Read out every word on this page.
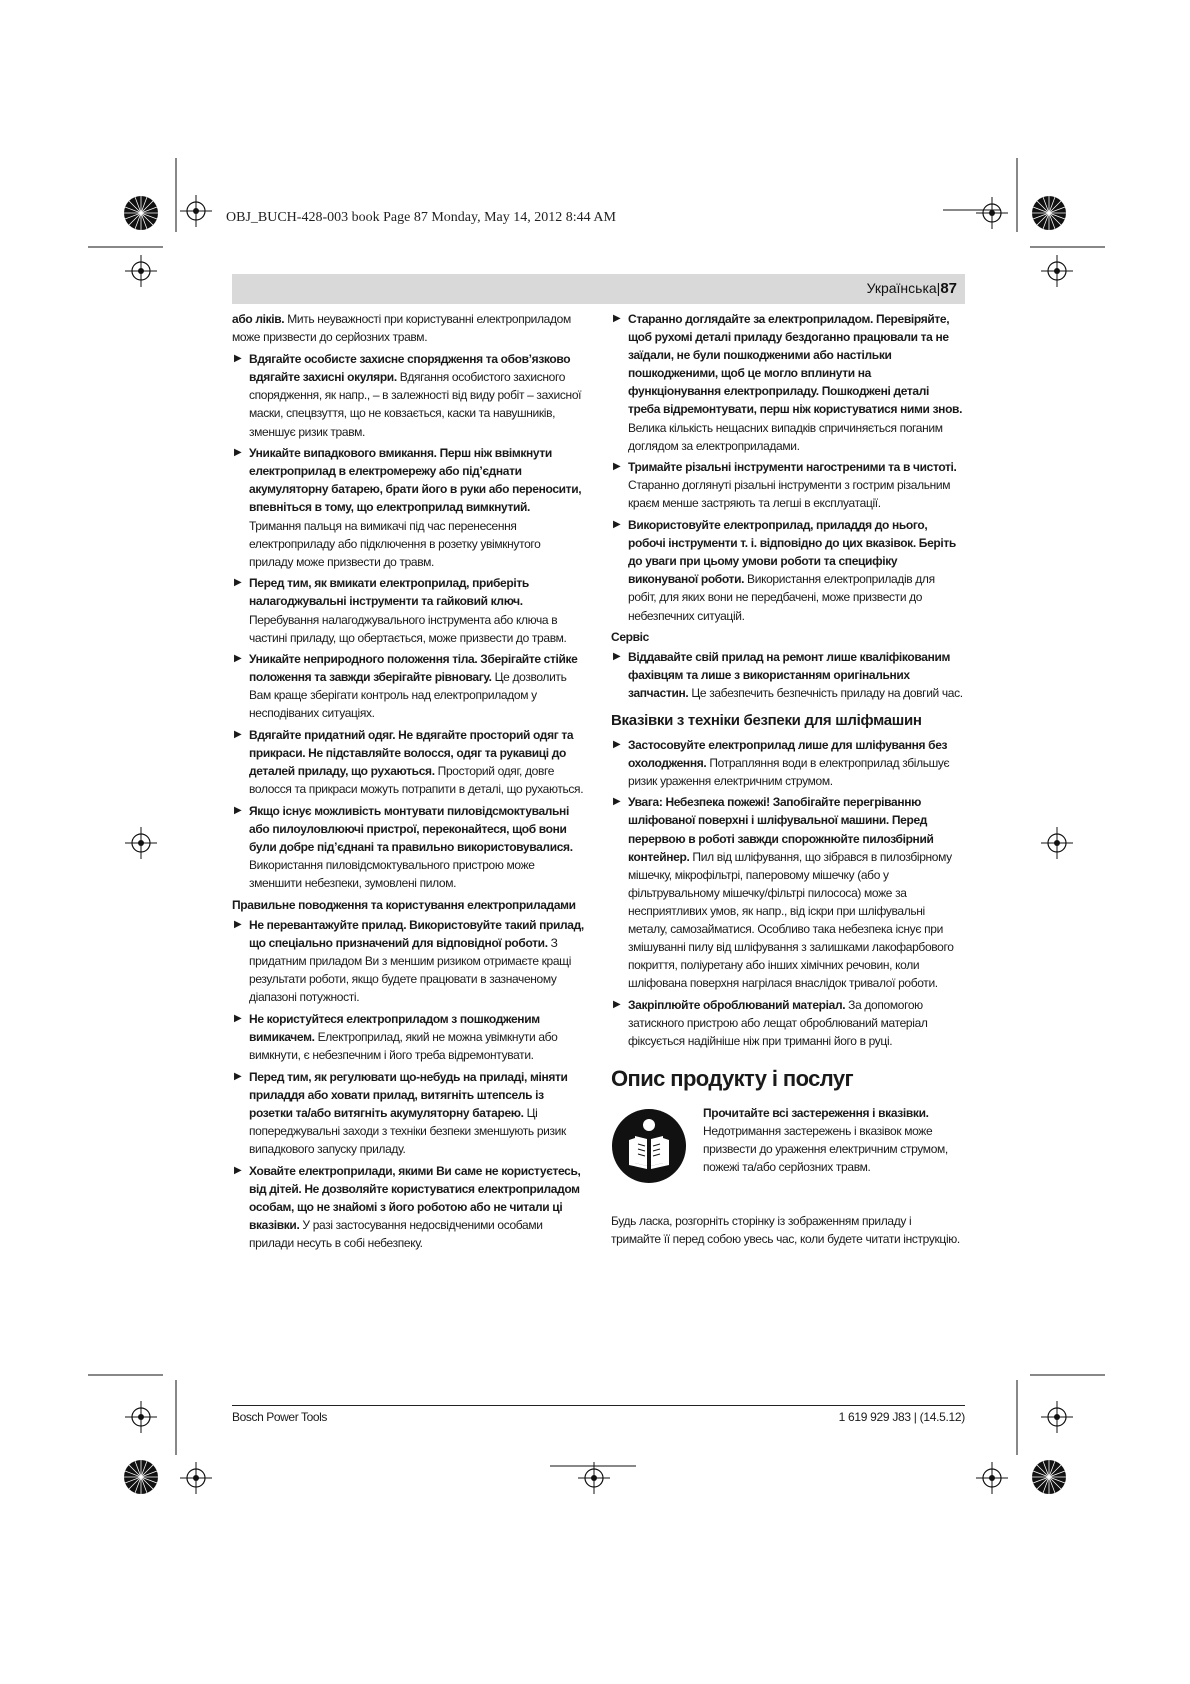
OBJ_BUCH-428-003 book Page 87 Monday, May 14, 2012 8:44 AM
Українська|87

або ліків. Мить неуважності при користуванні електроприладом може призвести до серйозних травм.

▶ Вдягайте особисте захисне спорядження та обов’язково вдягайте захисні окуляри. Вдягання особистого захисного спорядження, як напр., – в залежності від виду робіт – захисної маски, спецвзуття, що не ковзається, каски та навушників, зменшує ризик травм.
▶ Уникайте випадкового вмикання. Перш ніж ввімкнути електроприлад в електромережу або під’єднати акумуляторну батарею, брати його в руки або переносити, впевніться в тому, що електроприлад вимкнутий. Тримання пальця на вимикачі під час перенесення електроприладу або підключення в розетку увімкнутого приладу може призвести до травм.
▶ Перед тим, як вмикати електроприлад, приберіть налагоджувальні інструменти та гайковий ключ. Перебування налагоджувального інструмента або ключа в частині приладу, що обертається, може призвести до травм.
▶ Уникайте неприродного положення тіла. Зберігайте стійке положення та завжди зберігайте рівновагу. Це дозволить Вам краще зберігати контроль над електроприладом у несподіваних ситуаціях.
▶ Вдягайте придатний одяг. Не вдягайте просторий одяг та прикраси. Не підставляйте волосся, одяг та рукавиці до деталей приладу, що рухаються. Просторий одяг, довге волосся та прикраси можуть потрапити в деталі, що рухаються.
▶ Якщо існує можливість монтувати пиловідсмоктувальні або пилоуловлюючі пристрої, переконайтеся, щоб вони були добре під’єднані та правильно використовувалися. Використання пиловідсмоктувального пристрою може зменшити небезпеки, зумовлені пилом.
Правильне поводження та користування електроприладами
▶ Не перевантажуйте прилад. Використовуйте такий прилад, що спеціально призначений для відповідної роботи. З придатним приладом Ви з меншим ризиком отримаєте кращі результати роботи, якщо будете працювати в зазначеному діапазоні потужності.
▶ Не користуйтеся електроприладом з пошкодженим вимикачем. Електроприлад, який не можна увімкнути або вимкнути, є небезпечним і його треба відремонтувати.
▶ Перед тим, як регулювати що-небудь на приладі, міняти приладдя або ховати прилад, витягніть штепсель із розетки та/або витягніть акумуляторну батарею. Ці попереджувальні заходи з техніки безпеки зменшують ризик випадкового запуску приладу.
▶ Ховайте електроприлади, якими Ви саме не користуєтесь, від дітей. Не дозволяйте користуватися електроприладом особам, що не знайомі з його роботою або не читали ці вказівки. У разі застосування недосвідченими особами прилади несуть в собі небезпеку.
▶ Старанно доглядайте за електроприладом. Перевіряйте, щоб рухомі деталі приладу бездоганно працювали та не заїдали, не були пошкодженими або настільки пошкодженими, щоб це могло вплинути на функціонування електроприладу. Пошкоджені деталі треба відремонтувати, перш ніж користуватися ними знов. Велика кількість нещасних випадків спричиняється поганим доглядом за електроприладами.
▶ Тримайте різальні інструменти нагостреними та в чистоті. Старанно доглянуті різальні інструменти з гострим різальним краєм менше застряють та легші в експлуатації.
▶ Використовуйте електроприлад, приладдя до нього, робочі інструменти т. і. відповідно до цих вказівок. Беріть до уваги при цьому умови роботи та специфіку виконуваної роботи. Використання електроприладів для робіт, для яких вони не передбачені, може призвести до небезпечних ситуацій.
Сервіс
▶ Віддавайте свій прилад на ремонт лише кваліфікованим фахівцям та лише з використанням оригінальних запчастин. Це забезпечить безпечність приладу на довгий час.
Вказівки з техніки безпеки для шліфмашин
▶ Застосовуйте електроприлад лише для шліфування без охолодження. Потрапляння води в електроприлад збільшує ризик ураження електричним струмом.
▶ Увага: Небезпека пожежі! Запобігайте перегріванню шліфованої поверхні і шліфувальної машини. Перед перервою в роботі завжди спорожнюйте пилозбірний контейнер. Пил від шліфування, що зібрався в пилозбірному мішечку, мікрофільтрі, паперовому мішечку (або у фільтрувальному мішечку/фільтрі пилососа) може за несприятливих умов, як напр., від іскри при шліфувальні металу, самозайматися. Особливо така небезпека існує при змішуванні пилу від шліфування з залишками лакофарбового покриття, поліуретану або інших хімічних речовин, коли шліфована поверхня нагрілася внаслідок тривалої роботи.
▶ Закріплюйте оброблюваний матеріал. За допомогою затискного пристрою або лещат оброблюваний матеріал фіксується надійніше ніж при триманні його в руці.
Опис продукту і послуг
Прочитайте всі застереження і вказівки. Недотримання застережень і вказівок може призвести до ураження електричним струмом, пожежі та/або серйозних травм.

Будь ласка, розгорніть сторінку із зображенням приладу і тримайте її перед собою увесь час, коли будете читати інструкцію.

Bosch Power Tools	1 619 929 J83 | (14.5.12)
